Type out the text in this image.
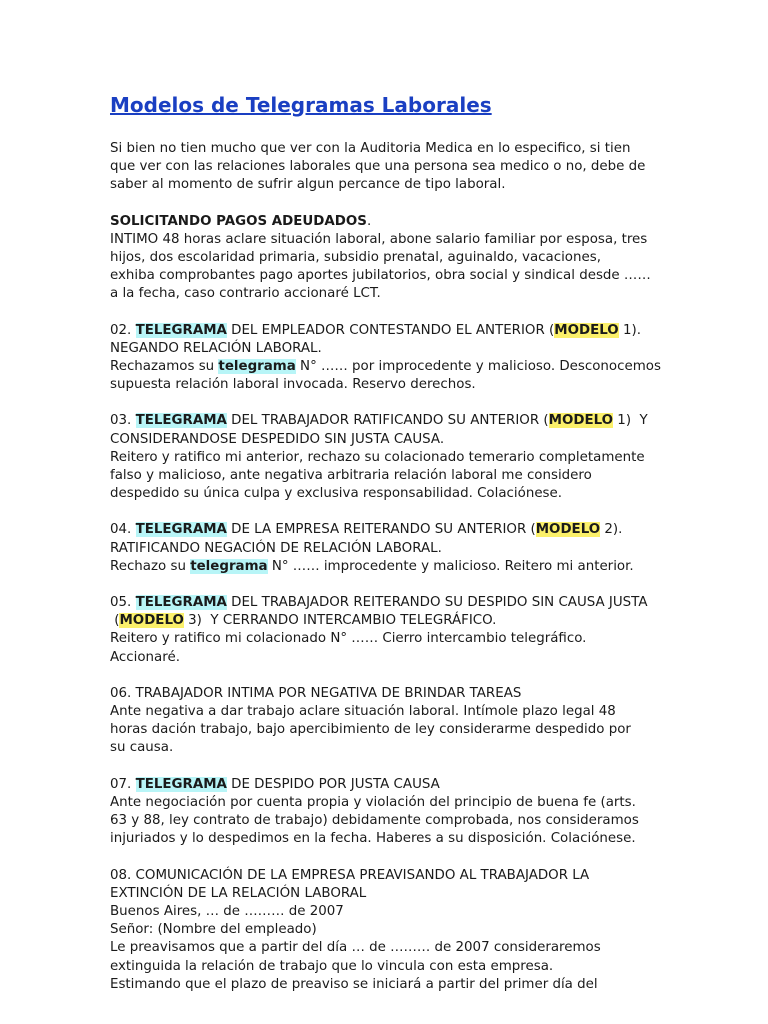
Modelos de Telegramas Laborales
Si bien no tien mucho que ver con la Auditoria Medica en lo especifico, si tien
que ver con las relaciones laborales que una persona sea medico o no, debe de
saber al momento de sufrir algun percance de tipo laboral.
SOLICITANDO PAGOS ADEUDADOS.
INTIMO 48 horas aclare situación laboral, abone salario familiar por esposa, tres
hijos, dos escolaridad primaria, subsidio prenatal, aguinaldo, vacaciones,
exhiba comprobantes pago aportes jubilatorios, obra social y sindical desde ……
a la fecha, caso contrario accionaré LCT.
02. TELEGRAMA DEL EMPLEADOR CONTESTANDO EL ANTERIOR (MODELO 1).
NEGANDO RELACIÓN LABORAL.
Rechazamos su telegrama N° …… por improcedente y malicioso. Desconocemos
supuesta relación laboral invocada. Reservo derechos.
03. TELEGRAMA DEL TRABAJADOR RATIFICANDO SU ANTERIOR (MODELO 1)  Y
CONSIDERANDOSE DESPEDIDO SIN JUSTA CAUSA.
Reitero y ratifico mi anterior, rechazo su colacionado temerario completamente
falso y malicioso, ante negativa arbitraria relación laboral me considero
despedido su única culpa y exclusiva responsabilidad. Colaciónese.
04. TELEGRAMA DE LA EMPRESA REITERANDO SU ANTERIOR (MODELO 2).
RATIFICANDO NEGACIÓN DE RELACIÓN LABORAL.
Rechazo su telegrama N° …… improcedente y malicioso. Reitero mi anterior.
05. TELEGRAMA DEL TRABAJADOR REITERANDO SU DESPIDO SIN CAUSA JUSTA
(MODELO 3)  Y CERRANDO INTERCAMBIO TELEGRÁFICO.
Reitero y ratifico mi colacionado N° …… Cierro intercambio telegráfico.
Accionaré.
06. TRABAJADOR INTIMA POR NEGATIVA DE BRINDAR TAREAS
Ante negativa a dar trabajo aclare situación laboral. Intímole plazo legal 48
horas dación trabajo, bajo apercibimiento de ley considerarme despedido por
su causa.
07. TELEGRAMA DE DESPIDO POR JUSTA CAUSA
Ante negociación por cuenta propia y violación del principio de buena fe (arts.
63 y 88, ley contrato de trabajo) debidamente comprobada, nos consideramos
injuriados y lo despedimos en la fecha. Haberes a su disposición. Colaciónese.
08. COMUNICACIÓN DE LA EMPRESA PREAVISANDO AL TRABAJADOR LA
EXTINCIÓN DE LA RELACIÓN LABORAL
Buenos Aires, … de ……… de 2007
Señor: (Nombre del empleado)
Le preavisamos que a partir del día … de ……… de 2007 consideraremos
extinguida la relación de trabajo que lo vincula con esta empresa.
Estimando que el plazo de preaviso se iniciará a partir del primer día del
